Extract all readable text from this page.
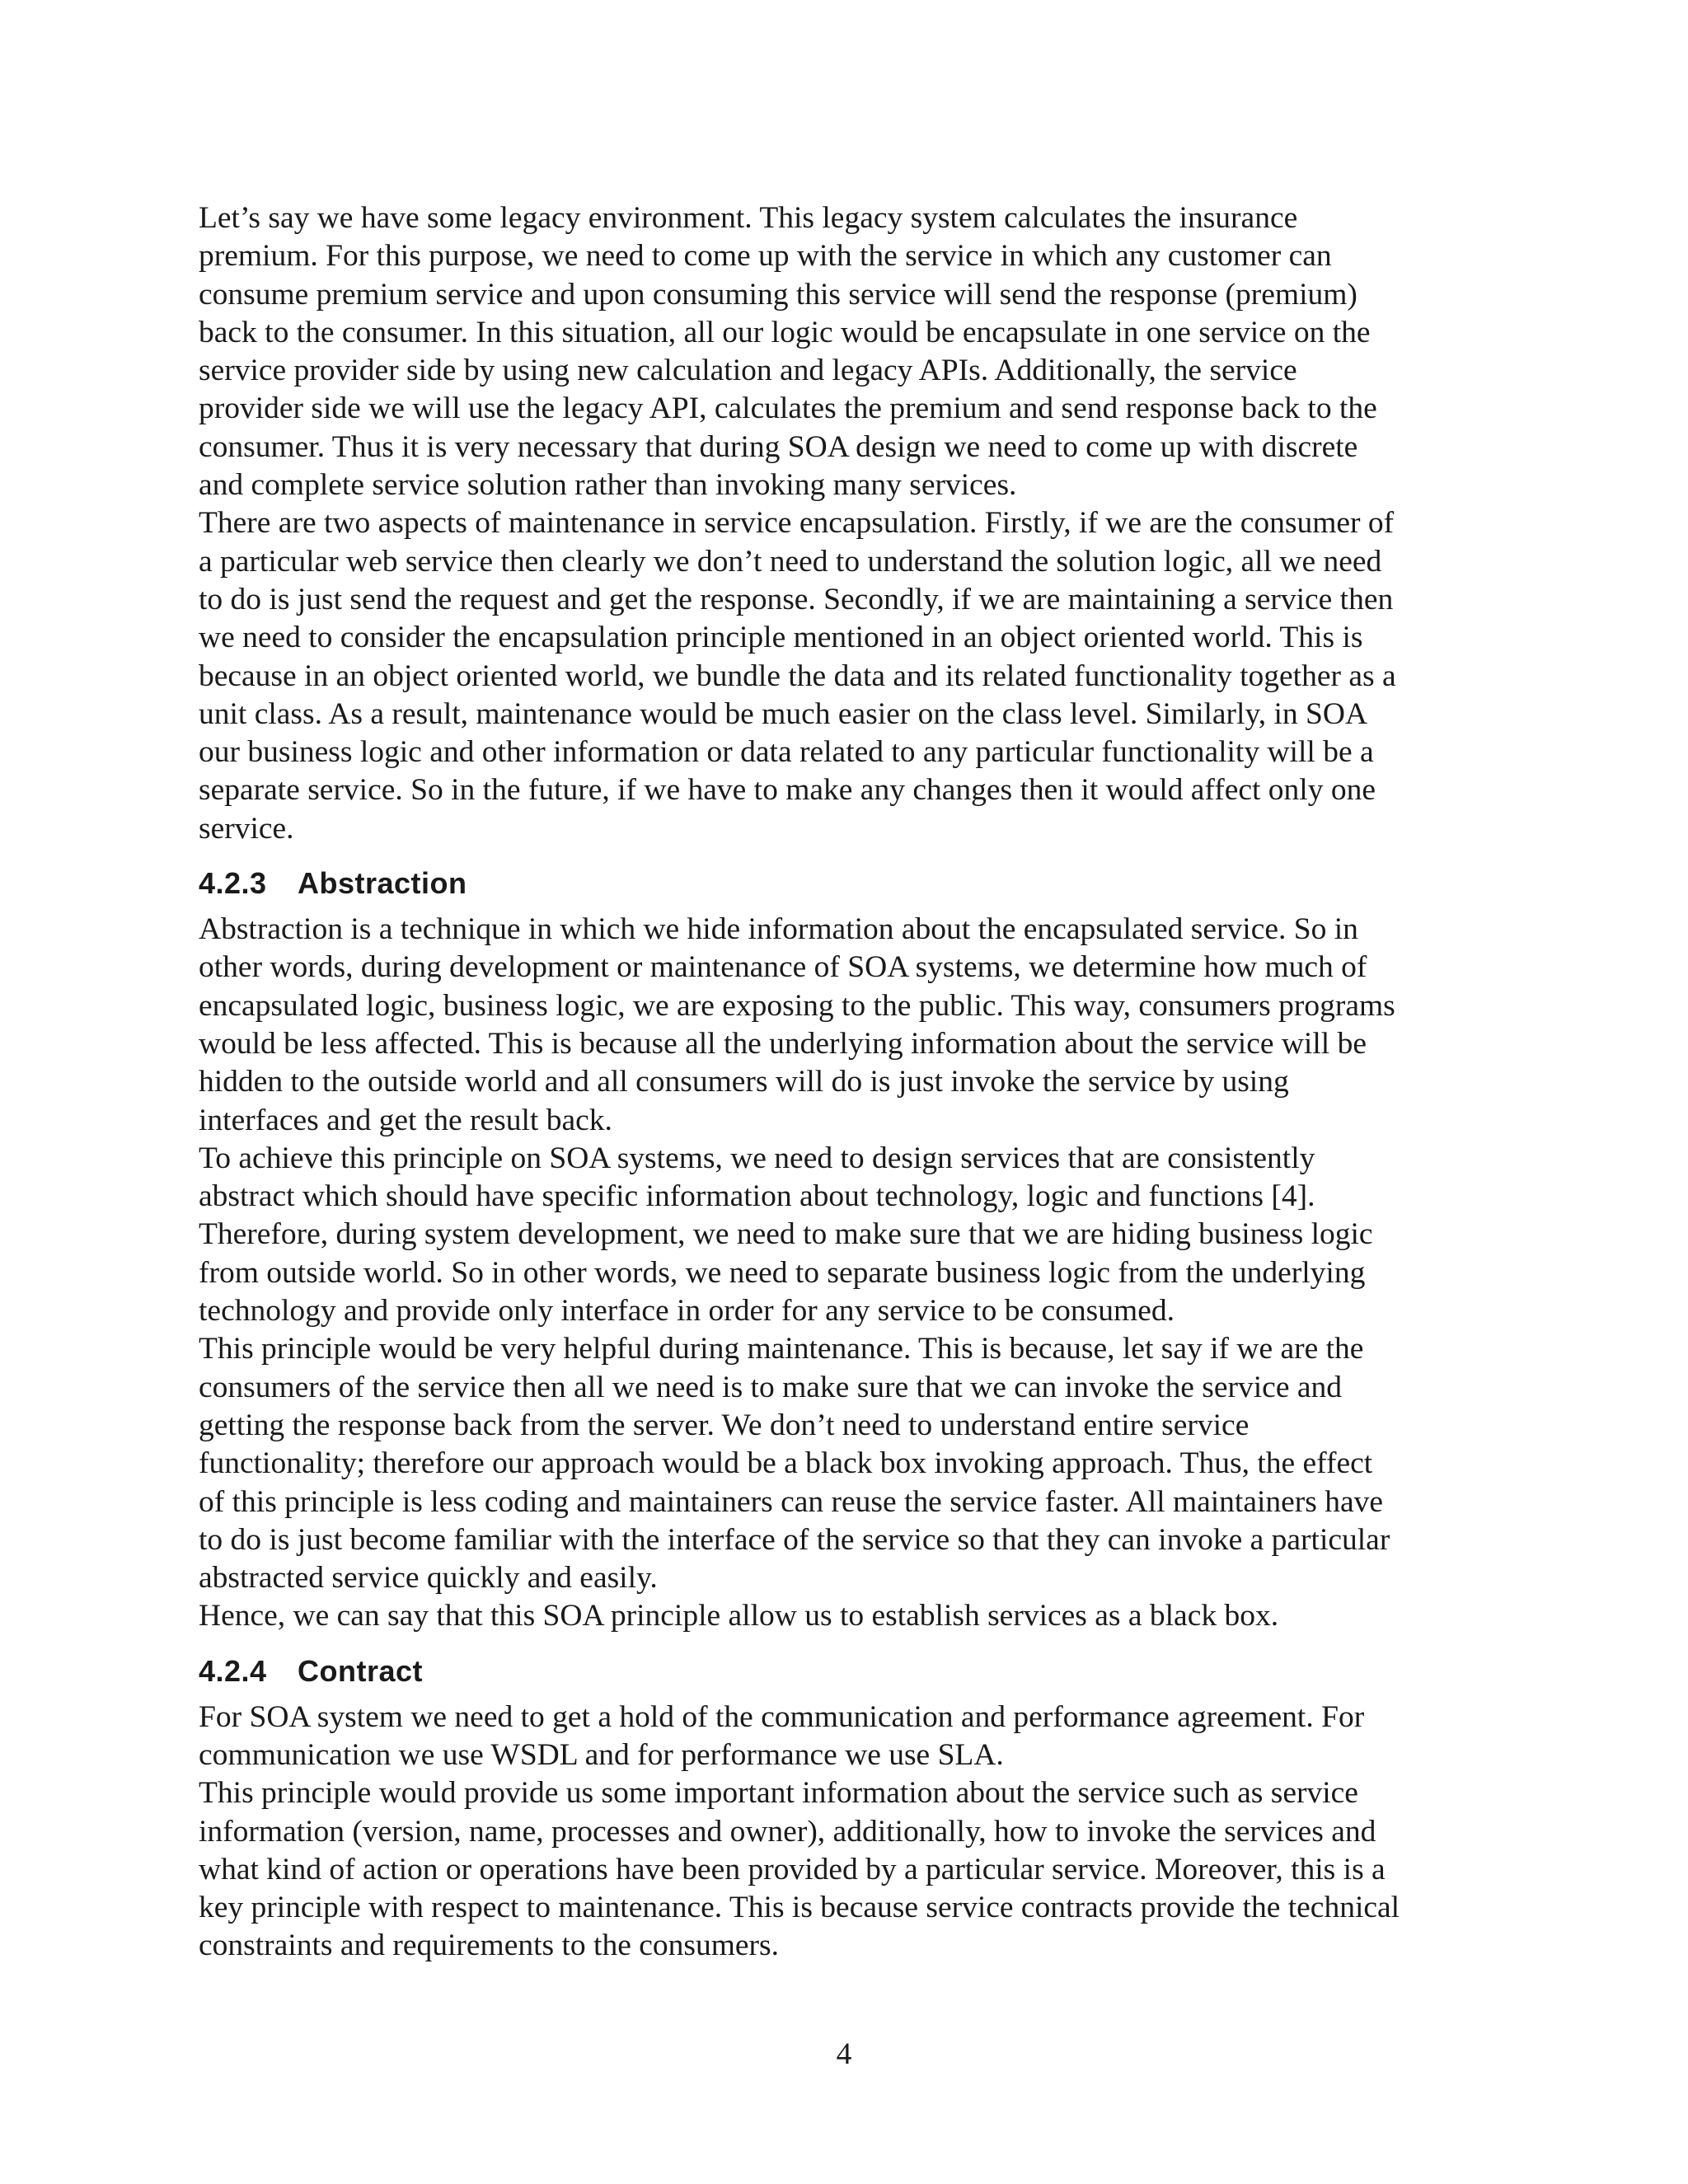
Let’s say we have some legacy environment. This legacy system calculates the insurance
premium. For this purpose, we need to come up with the service in which any customer can
consume premium service and upon consuming this service will send the response (premium)
back to the consumer. In this situation, all our logic would be encapsulate in one service on the
service provider side by using new calculation and legacy APIs. Additionally, the service
provider side we will use the legacy API, calculates the premium and send response back to the
consumer. Thus it is very necessary that during SOA design we need to come up with discrete
and complete service solution rather than invoking many services.

There are two aspects of maintenance in service encapsulation. Firstly, if we are the consumer of
a particular web service then clearly we don’t need to understand the solution logic, all we need
to do is just send the request and get the response. Secondly, if we are maintaining a service then
we need to consider the encapsulation principle mentioned in an object oriented world. This is
because in an object oriented world, we bundle the data and its related functionality together as a
unit class. As a result, maintenance would be much easier on the class level. Similarly, in SOA
our business logic and other information or data related to any particular functionality will be a
separate service. So in the future, if we have to make any changes then it would affect only one
service.

4.2.3	Abstraction

Abstraction is a technique in which we hide information about the encapsulated service. So in
other words, during development or maintenance of SOA systems, we determine how much of
encapsulated logic, business logic, we are exposing to the public. This way, consumers programs
would be less affected. This is because all the underlying information about the service will be
hidden to the outside world and all consumers will do is just invoke the service by using
interfaces and get the result back.

To achieve this principle on SOA systems, we need to design services that are consistently
abstract which should have specific information about technology, logic and functions [4].
Therefore, during system development, we need to make sure that we are hiding business logic
from outside world. So in other words, we need to separate business logic from the underlying
technology and provide only interface in order for any service to be consumed.

This principle would be very helpful during maintenance. This is because, let say if we are the
consumers of the service then all we need is to make sure that we can invoke the service and
getting the response back from the server. We don’t need to understand entire service
functionality; therefore our approach would be a black box invoking approach. Thus, the effect
of this principle is less coding and maintainers can reuse the service faster. All maintainers have
to do is just become familiar with the interface of the service so that they can invoke a particular
abstracted service quickly and easily.

Hence, we can say that this SOA principle allow us to establish services as a black box.

4.2.4	Contract

For SOA system we need to get a hold of the communication and performance agreement. For
communication we use WSDL and for performance we use SLA.

This principle would provide us some important information about the service such as service
information (version, name, processes and owner), additionally, how to invoke the services and
what kind of action or operations have been provided by a particular service. Moreover, this is a
key principle with respect to maintenance. This is because service contracts provide the technical
constraints and requirements to the consumers.

4
